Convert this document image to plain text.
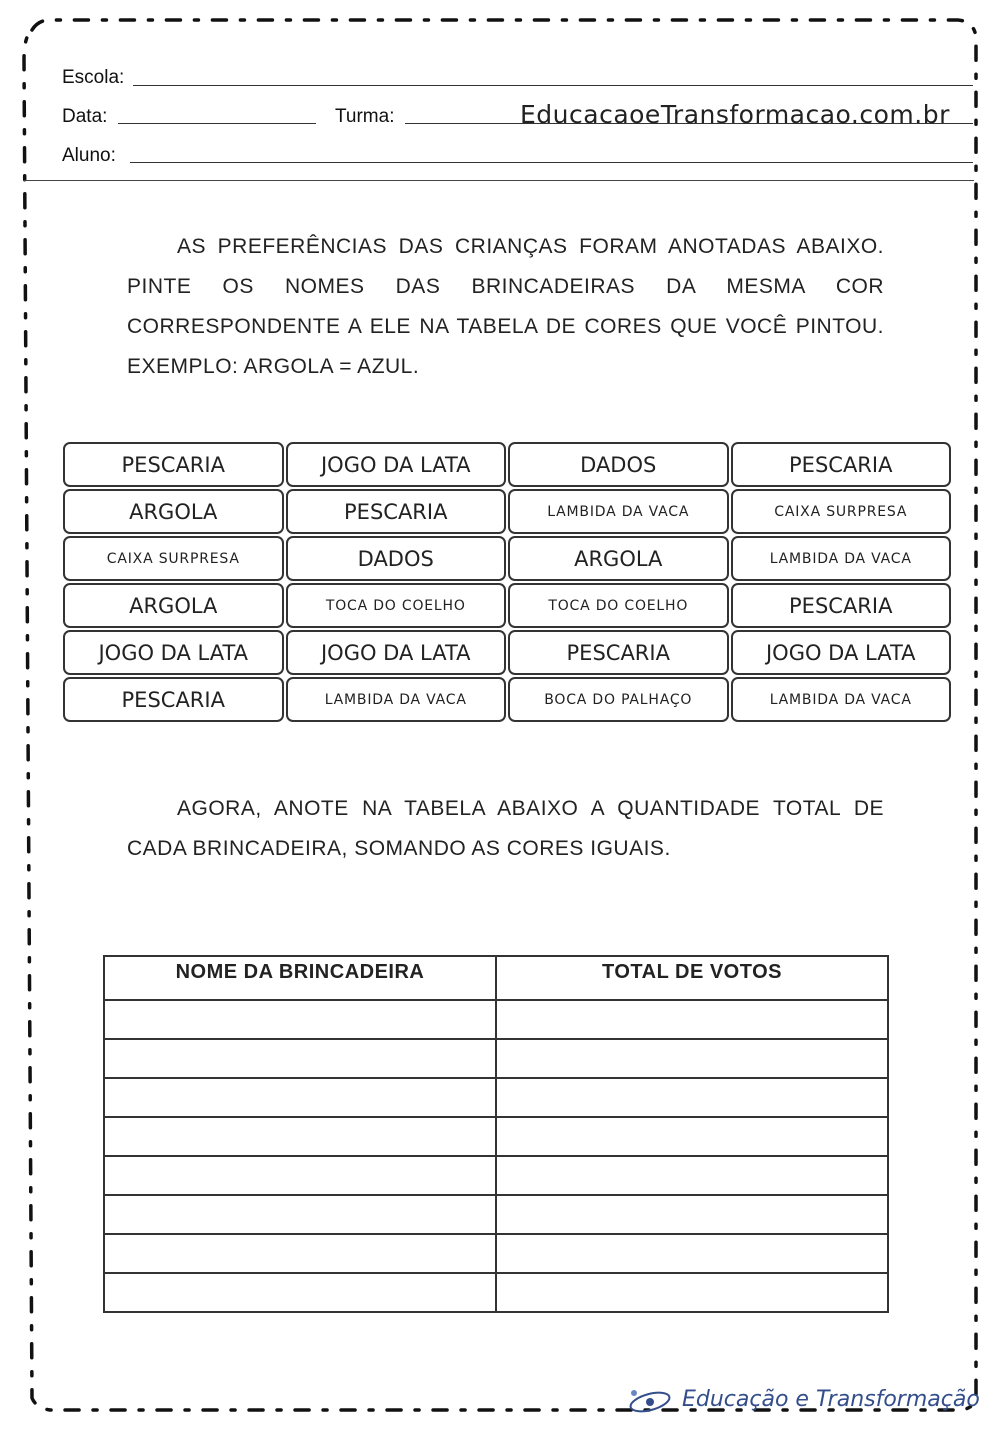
Escola:
Data:	Turma:	EducacaoeTransformacao.com.br
Aluno:
AS PREFERÊNCIAS DAS CRIANÇAS FORAM ANOTADAS ABAIXO. PINTE OS NOMES DAS BRINCADEIRAS DA MESMA COR CORRESPONDENTE A ELE NA TABELA DE CORES QUE VOCÊ PINTOU. EXEMPLO: ARGOLA = AZUL.
PESCARIA	JOGO DA LATA	DADOS	PESCARIA
ARGOLA	PESCARIA	LAMBIDA DA VACA	CAIXA SURPRESA
CAIXA SURPRESA	DADOS	ARGOLA	LAMBIDA DA VACA
ARGOLA	TOCA DO COELHO	TOCA DO COELHO	PESCARIA
JOGO DA LATA	JOGO DA LATA	PESCARIA	JOGO DA LATA
PESCARIA	LAMBIDA DA VACA	BOCA DO PALHAÇO	LAMBIDA DA VACA
AGORA, ANOTE NA TABELA ABAIXO A QUANTIDADE TOTAL DE CADA BRINCADEIRA, SOMANDO AS CORES IGUAIS.
NOME DA BRINCADEIRA	TOTAL DE VOTOS

Educação e Transformação
